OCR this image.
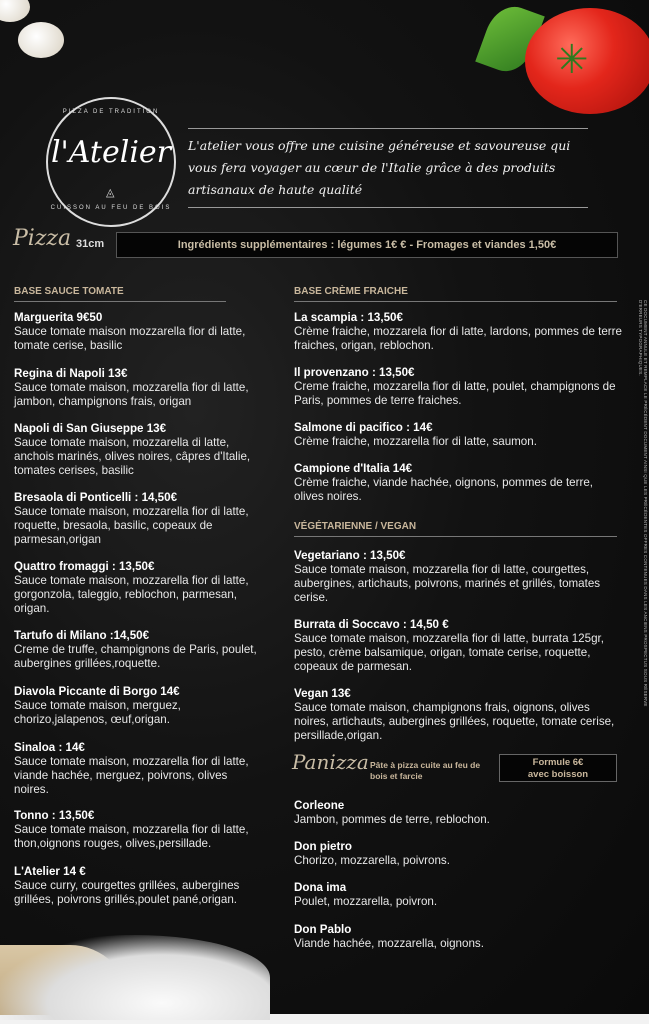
✳
PIZZA DE TRADITION
l'Atelier
◬
CUISSON AU FEU DE BOIS
L'atelier vous offre une cuisine généreuse et savoureuse qui vous fera voyager au cœur de l'Italie grâce à des produits artisanaux de haute qualité
Pizza 31cm	Ingrédients supplémentaires : légumes 1€ € - Fromages et viandes 1,50€
BASE SAUCE TOMATE
Marguerita 9€50
Sauce tomate maison mozzarella fior di latte, tomate cerise, basilic
Regina di Napoli 13€
Sauce tomate maison, mozzarella fior di latte, jambon, champignons frais, origan
Napoli di San Giuseppe 13€
Sauce tomate maison, mozzarella di latte, anchois marinés, olives noires, câpres d'Italie, tomates cerises, basilic
Bresaola di Ponticelli : 14,50€
Sauce tomate maison, mozzarella fior di latte, roquette, bresaola, basilic, copeaux de parmesan,origan
Quattro fromaggi : 13,50€
Sauce tomate maison, mozzarella fior di latte, gorgonzola, taleggio, reblochon, parmesan, origan.
Tartufo di Milano :14,50€
Creme de truffe, champignons de Paris, poulet, aubergines grillées,roquette.
Diavola Piccante di Borgo 14€
Sauce tomate maison, merguez, chorizo,jalapenos, œuf,origan.
Sinaloa : 14€
Sauce tomate maison, mozzarella fior di latte, viande hachée, merguez, poivrons, olives noires.
Tonno : 13,50€
Sauce tomate maison, mozzarella fior di latte, thon,oignons rouges, olives,persillade.
L'Atelier 14 €
Sauce curry, courgettes grillées, aubergines grillées, poivrons grillés,poulet pané,origan.
BASE CRÈME FRAICHE
La scampia : 13,50€
Crème fraiche, mozzarela fior di latte, lardons, pommes de terre fraiches, origan, reblochon.
Il provenzano : 13,50€
Creme fraiche, mozzarella fior di latte, poulet, champignons de Paris, pommes de terre fraiches.
Salmone di pacifico : 14€
Crème fraiche, mozzarella fior di latte, saumon.
Campione d'Italia 14€
Crème fraiche, viande hachée, oignons, pommes de terre, olives noires.
VÉGÉTARIENNE / VEGAN
Vegetariano : 13,50€
Sauce tomate maison, mozzarella fior di latte, courgettes, aubergines, artichauts, poivrons, marinés et grillés, tomates cerise.
Burrata di Soccavo : 14,50 €
Sauce tomate maison, mozzarella fior di latte, burrata 125gr, pesto, crème balsamique, origan, tomate cerise, roquette, copeaux de parmesan.
Vegan 13€
Sauce tomate maison, champignons frais, oignons, olives noires, artichauts, aubergines grillées, roquette, tomate cerise, persillade,origan.
Panizza Pâte à pizza cuite au feu de bois et farcie
Formule 6€
avec boisson
Corleone
Jambon, pommes de terre, reblochon.
Don pietro
Chorizo, mozzarella, poivrons.
Dona ima
Poulet, mozzarella, poivron.
Don Pablo
Viande hachée, mozzarella, oignons.
CE DOCUMENT ANNULE ET REMPLACE LE PRÉCÉDENT DOCUMENT AINSI QUE LES PRÉCÉDENTES OFFRES CONTENUES DANS LES ANCIENS PROSPECTUS SOUS RÉSERVE D'ERREURS TYPOGRAPHIQUES.
